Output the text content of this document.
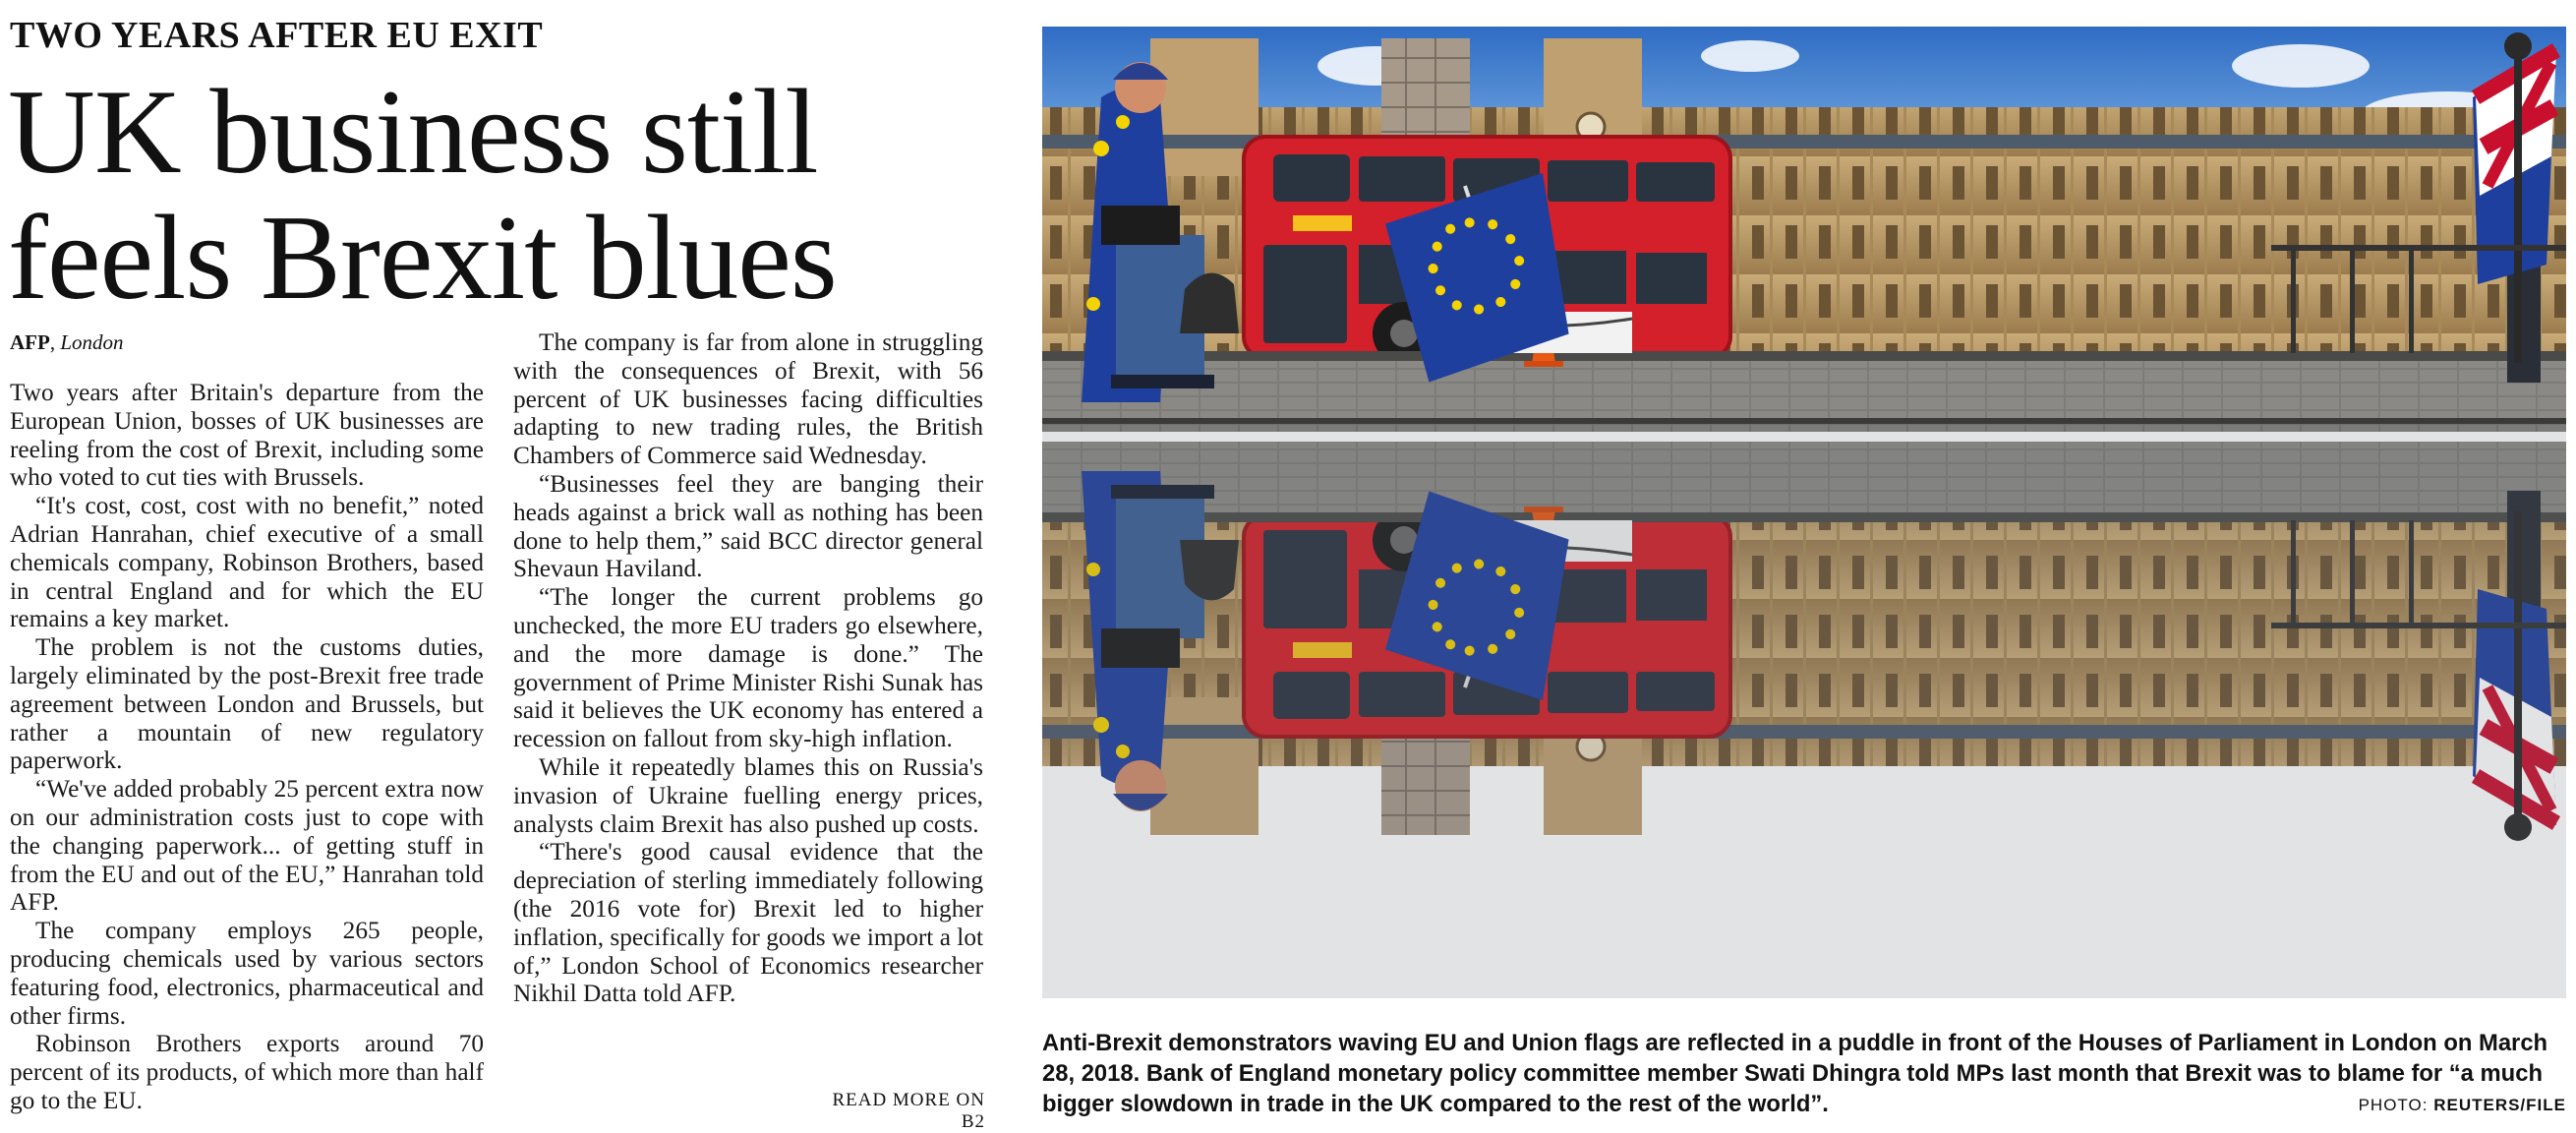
TWO YEARS AFTER EU EXIT
UK business still feels Brexit blues
AFP, London

Two years after Britain's departure from the European Union, bosses of UK businesses are reeling from the cost of Brexit, including some who voted to cut ties with Brussels.

“It's cost, cost, cost with no benefit,” noted Adrian Hanrahan, chief executive of a small chemicals company, Robinson Brothers, based in central England and for which the EU remains a key market.

The problem is not the customs duties, largely eliminated by the post-Brexit free trade agreement between London and Brussels, but rather a mountain of new regulatory paperwork.

“We've added probably 25 percent extra now on our administration costs just to cope with the changing paperwork... of getting stuff in from the EU and out of the EU,” Hanrahan told AFP.

The company employs 265 people, producing chemicals used by various sectors featuring food, electronics, pharmaceutical and other firms.

Robinson Brothers exports around 70 percent of its products, of which more than half go to the EU.

The company is far from alone in struggling with the consequences of Brexit, with 56 percent of UK businesses facing difficulties adapting to new trading rules, the British Chambers of Commerce said Wednesday.

“Businesses feel they are banging their heads against a brick wall as nothing has been done to help them,” said BCC director general Shevaun Haviland.

“The longer the current problems go unchecked, the more EU traders go elsewhere, and the more damage is done.” The government of Prime Minister Rishi Sunak has said it believes the UK economy has entered a recession on fallout from sky-high inflation.

While it repeatedly blames this on Russia's invasion of Ukraine fuelling energy prices, analysts claim Brexit has also pushed up costs.

“There's good causal evidence that the depreciation of sterling immediately following (the 2016 vote for) Brexit led to higher inflation, specifically for goods we import a lot of,” London School of Economics researcher Nikhil Datta told AFP.

READ MORE ON B2
Anti-Brexit demonstrators waving EU and Union flags are reflected in a puddle in front of the Houses of Parliament in London on March 28, 2018. Bank of England monetary policy committee member Swati Dhingra told MPs last month that Brexit was to blame for “a much bigger slowdown in trade in the UK compared to the rest of the world”.	PHOTO: REUTERS/FILE
